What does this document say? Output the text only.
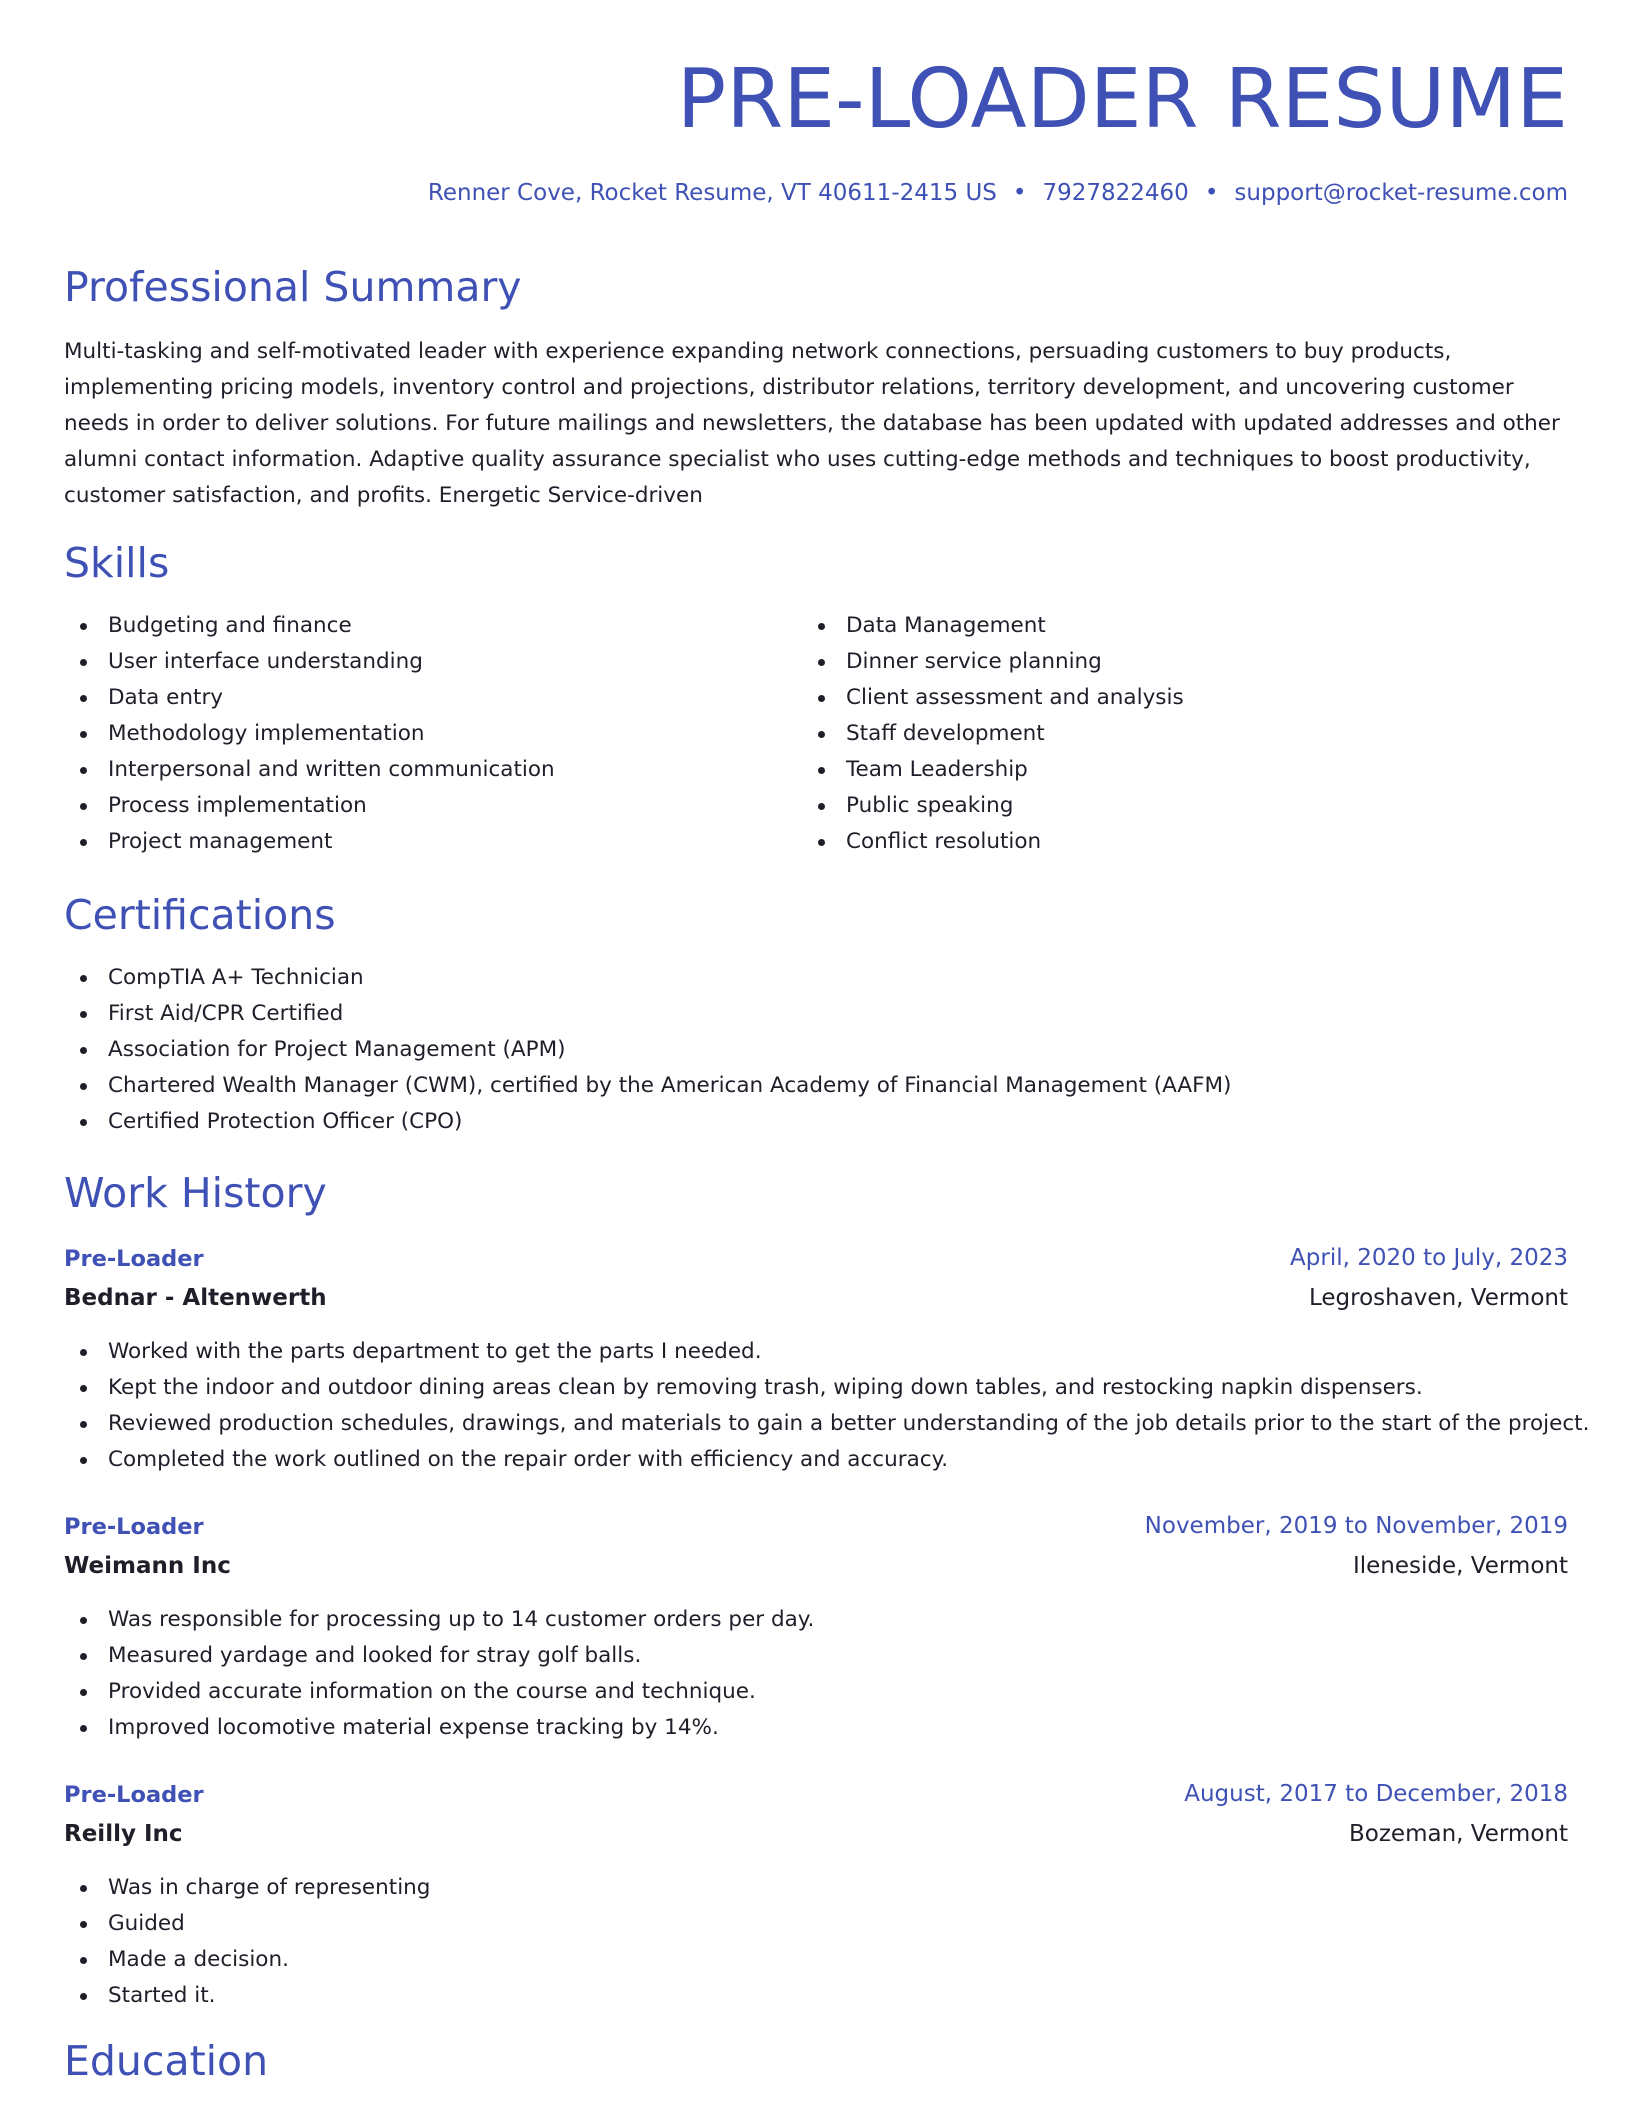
PRE-LOADER RESUME
Renner Cove, Rocket Resume, VT 40611-2415 US • 7927822460 • support@rocket-resume.com
Professional Summary

Multi-tasking and self-motivated leader with experience expanding network connections, persuading customers to buy products, implementing pricing models, inventory control and projections, distributor relations, territory development, and uncovering customer needs in order to deliver solutions. For future mailings and newsletters, the database has been updated with updated addresses and other alumni contact information. Adaptive quality assurance specialist who uses cutting-edge methods and techniques to boost productivity, customer satisfaction, and profits. Energetic Service-driven

Skills
Budgeting and finance
User interface understanding
Data entry
Methodology implementation
Interpersonal and written communication
Process implementation
Project management
Data Management
Dinner service planning
Client assessment and analysis
Staff development
Team Leadership
Public speaking
Conflict resolution
Certifications
CompTIA A+ Technician
First Aid/CPR Certified
Association for Project Management (APM)
Chartered Wealth Manager (CWM), certified by the American Academy of Financial Management (AAFM)
Certified Protection Officer (CPO)
Work History
Pre-Loader	April, 2020 to July, 2023
Bednar - Altenwerth	Legroshaven, Vermont
Worked with the parts department to get the parts I needed.
Kept the indoor and outdoor dining areas clean by removing trash, wiping down tables, and restocking napkin dispensers.
Reviewed production schedules, drawings, and materials to gain a better understanding of the job details prior to the start of the project.
Completed the work outlined on the repair order with efficiency and accuracy.
Pre-Loader	November, 2019 to November, 2019
Weimann Inc	Ileneside, Vermont
Was responsible for processing up to 14 customer orders per day.
Measured yardage and looked for stray golf balls.
Provided accurate information on the course and technique.
Improved locomotive material expense tracking by 14%.
Pre-Loader	August, 2017 to December, 2018
Reilly Inc	Bozeman, Vermont
Was in charge of representing
Guided
Made a decision.
Started it.
Education
